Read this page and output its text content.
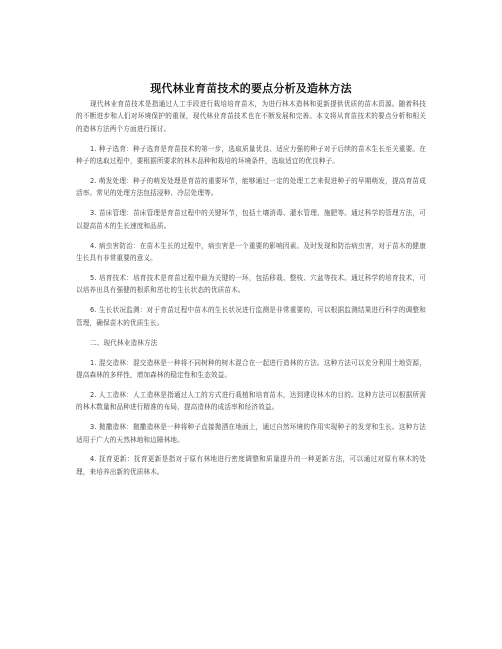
现代林业育苗技术的要点分析及造林方法

现代林业育苗技术是指通过人工手段进行栽培培育苗木，为进行林木造林和更新提供优质的苗木资源。随着科技的不断进步和人们对环境保护的重视，现代林业育苗技术也在不断发展和完善。本文将从育苗技术的要点分析和相关的造林方法两个方面进行探讨。

1. 种子选育：种子选育是育苗技术的第一步，选取质量优良、适应力强的种子对于后续的苗木生长至关重要。在种子的选取过程中，要根据所要求的林木品种和栽培的环境条件，选取适宜的优良种子。

2. 萌发处理：种子的萌发处理是育苗的重要环节，能够通过一定的处理工艺来促进种子的早期萌发，提高育苗成活率。常见的处理方法包括浸种、冷层处理等。

3. 苗床管理：苗床管理是育苗过程中的关键环节，包括土壤消毒、灌水管理、施肥等。通过科学的管理方法，可以提高苗木的生长速度和品质。

4. 病虫害防治：在苗木生长的过程中，病虫害是一个重要的影响因素。及时发现和防治病虫害，对于苗木的健康生长具有非常重要的意义。

5. 培育技术：培育技术是育苗过程中最为关键的一环，包括移栽、整枝、穴盆等技术。通过科学的培育技术，可以培养出具有强健的根系和茁壮的生长状态的优质苗木。

6. 生长状况监测：对于育苗过程中苗木的生长状况进行监测是非常重要的，可以根据监测结果进行科学的调整和管理，确保苗木的优质生长。

二、现代林业造林方法

1. 混交造林：混交造林是一种将不同树种的树木混合在一起进行造林的方法。这种方法可以充分利用土地资源，提高森林的多样性，增加森林的稳定性和生态效益。

2. 人工造林：人工造林是指通过人工的方式进行栽植和培育苗木，达到建设林木的目的。这种方法可以根据所需的林木数量和品种进行精准的布局，提高造林的成活率和经济效益。

3. 拋撒造林：拋撒造林是一种将种子直接拋洒在地面上，通过自然环境的作用实现种子的发芽和生长。这种方法适用于广大的天然林地和边陲林地。

4. 抚育更新：抚育更新是指对于原有林地进行密度调整和质量提升的一种更新方法，可以通过对原有林木的处理，来培养出新的优质林木。
